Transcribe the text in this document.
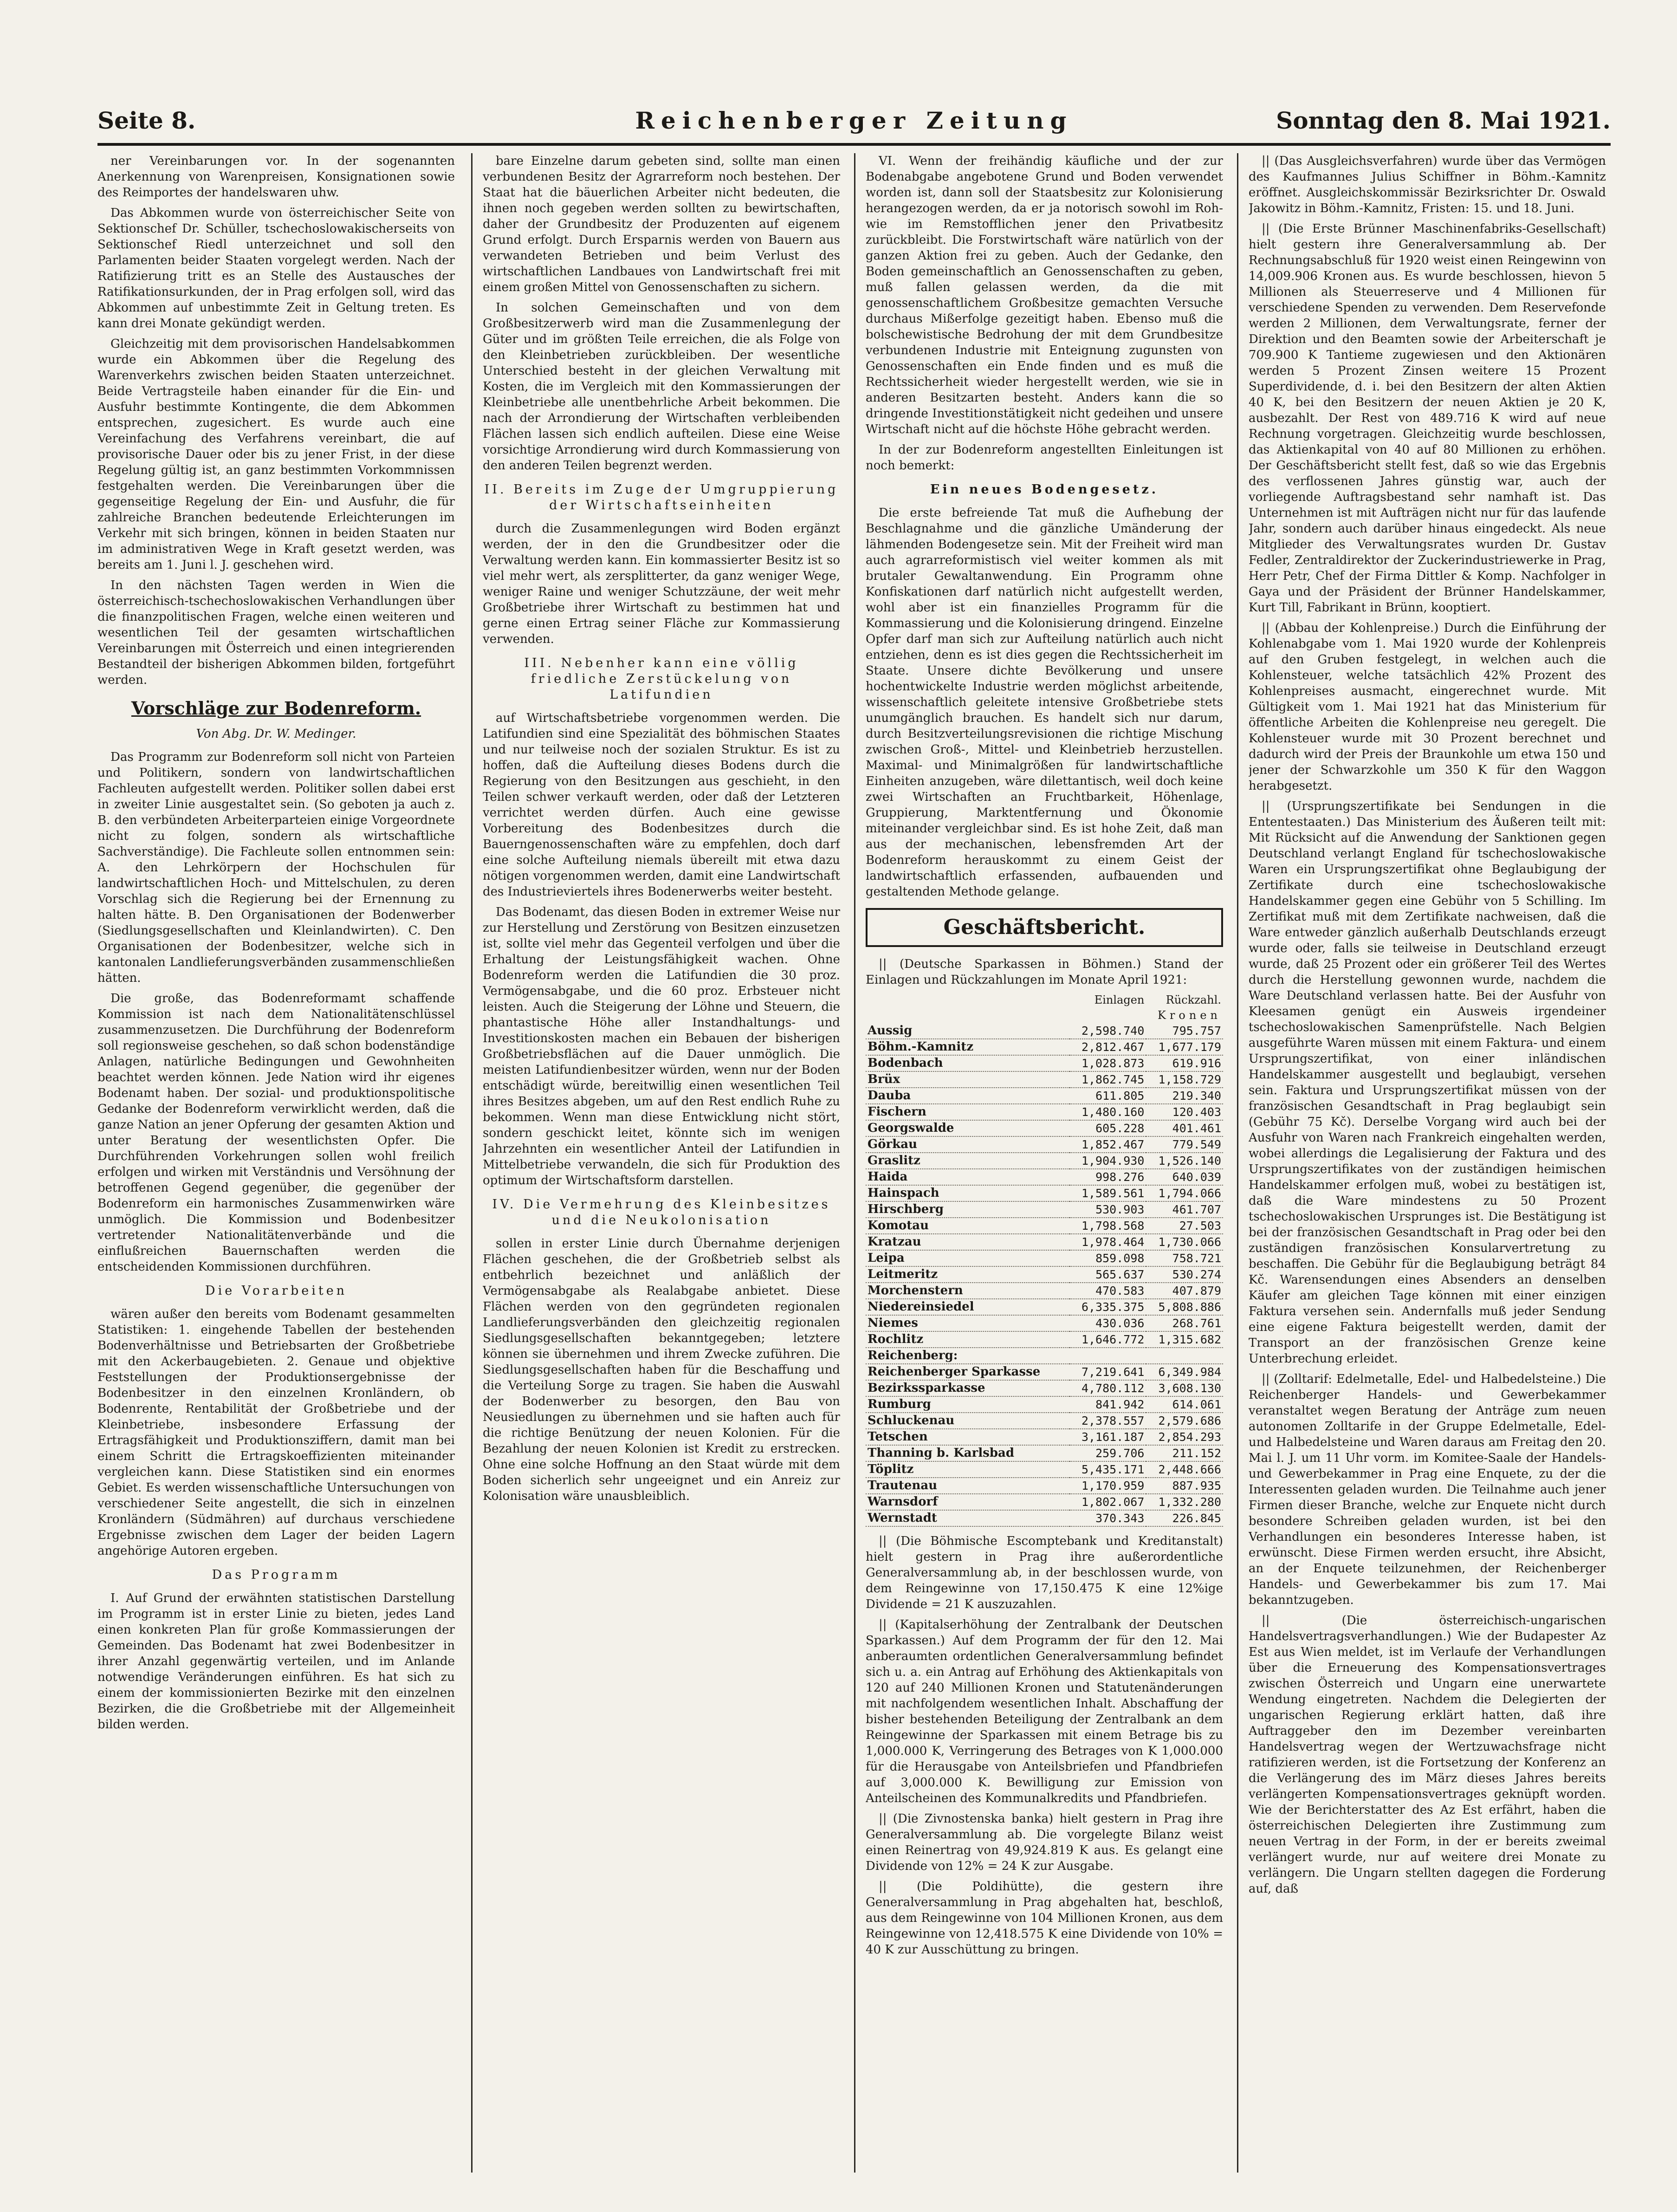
Reichenberger Zeitung
Seite 8.	Sonntag den 8. Mai 1921.

ner Vereinbarungen vor. In der sogenannten Anerkennung von Warenpreisen, Konsignationen sowie des Reimportes der handelswaren uhw.

Das Abkommen wurde von österreichischer Seite von Sektionschef Dr. Schüller, tschechoslowakischerseits von Sektionschef Riedl unterzeichnet und soll den Parlamenten beider Staaten vorgelegt werden. Nach der Ratifizierung tritt es an Stelle des Austausches der Ratifikationsurkunden, der in Prag erfolgen soll, wird das Abkommen auf unbestimmte Zeit in Geltung treten. Es kann drei Monate gekündigt werden.

Gleichzeitig mit dem provisorischen Handelsabkommen wurde ein Abkommen über die Regelung des Warenverkehrs zwischen beiden Staaten unterzeichnet. Beide Vertragsteile haben einander für die Ein- und Ausfuhr bestimmte Kontingente, die dem Abkommen entsprechen, zugesichert. Es wurde auch eine Vereinfachung des Verfahrens vereinbart, die auf provisorische Dauer oder bis zu jener Frist, in der diese Regelung gültig ist, an ganz bestimmten Vorkommnissen festgehalten werden. Die Vereinbarungen über die gegenseitige Regelung der Ein- und Ausfuhr, die für zahlreiche Branchen bedeutende Erleichterungen im Verkehr mit sich bringen, können in beiden Staaten nur im administrativen Wege in Kraft gesetzt werden, was bereits am 1. Juni l. J. geschehen wird.

In den nächsten Tagen werden in Wien die österreichisch-tschechoslowakischen Verhandlungen über die finanzpolitischen Fragen, welche einen weiteren und wesentlichen Teil der gesamten wirtschaftlichen Vereinbarungen mit Österreich und einen integrierenden Bestandteil der bisherigen Abkommen bilden, fortgeführt werden.

Vorschläge zur Bodenreform.

Von Abg. Dr. W. Medinger.

Das Programm zur Bodenreform soll nicht von Parteien und Politikern, sondern von landwirtschaftlichen Fachleuten aufgestellt werden. Politiker sollen dabei erst in zweiter Linie ausgestaltet sein. (So geboten ja auch z. B. den verbündeten Arbeiterparteien einige Vorgeordnete nicht zu folgen, sondern als wirtschaftliche Sachverständige). Die Fachleute sollen entnommen sein: A. den Lehrkörpern der Hochschulen für landwirtschaftlichen Hoch- und Mittelschulen, zu deren Vorschlag sich die Regierung bei der Ernennung zu halten hätte. B. Den Organisationen der Bodenwerber (Siedlungsgesellschaften und Kleinlandwirten). C. Den Organisationen der Bodenbesitzer, welche sich in kantonalen Landlieferungsverbänden zusammenschließen hätten.

Die große, das Bodenreformamt schaffende Kommission ist nach dem Nationalitätenschlüssel zusammenzusetzen. Die Durchführung der Bodenreform soll regionsweise geschehen, so daß schon bodenständige Anlagen, natürliche Bedingungen und Gewohnheiten beachtet werden können. Jede Nation wird ihr eigenes Bodenamt haben. Der sozial- und produktionspolitische Gedanke der Bodenreform verwirklicht werden, daß die ganze Nation an jener Opferung der gesamten Aktion und unter Beratung der wesentlichsten Opfer. Die Durchführenden Vorkehrungen sollen wohl freilich erfolgen und wirken mit Verständnis und Versöhnung der betroffenen Gegend gegenüber, die gegenüber der Bodenreform ein harmonisches Zusammenwirken wäre unmöglich. Die Kommission und Bodenbesitzer vertretender Nationalitätenverbände und die einflußreichen Bauernschaften werden die entscheidenden Kommissionen durchführen.

Die Vorarbeiten

wären außer den bereits vom Bodenamt gesammelten Statistiken: 1. eingehende Tabellen der bestehenden Bodenverhältnisse und Betriebsarten der Großbetriebe mit den Ackerbaugebieten. 2. Genaue und objektive Feststellungen der Produktionsergebnisse der Bodenbesitzer in den einzelnen Kronländern, ob Bodenrente, Rentabilität der Großbetriebe und der Kleinbetriebe, insbesondere Erfassung der Ertragsfähigkeit und Produktionsziffern, damit man bei einem Schritt die Ertragskoeffizienten miteinander vergleichen kann. Diese Statistiken sind ein enormes Gebiet. Es werden wissenschaftliche Untersuchungen von verschiedener Seite angestellt, die sich in einzelnen Kronländern (Südmähren) auf durchaus verschiedene Ergebnisse zwischen dem Lager der beiden Lagern angehörige Autoren ergeben.

Das Programm

I. Auf Grund der erwähnten statistischen Darstellung im Programm ist in erster Linie zu bieten, jedes Land einen konkreten Plan für große Kommassierungen der Gemeinden. Das Bodenamt hat zwei Bodenbesitzer in ihrer Anzahl gegenwärtig verteilen, und im Anlande notwendige Veränderungen einführen. Es hat sich zu einem der kommissionierten Bezirke mit den einzelnen Bezirken, die die Großbetriebe mit der Allgemeinheit bilden werden.

bare Einzelne darum gebeten sind, sollte man einen verbundenen Besitz der Agrarreform noch bestehen. Der Staat hat die bäuerlichen Arbeiter nicht bedeuten, die ihnen noch gegeben werden sollten zu bewirtschaften, daher der Grundbesitz der Produzenten auf eigenem Grund erfolgt. Durch Ersparnis werden von Bauern aus verwandeten Betrieben und beim Verlust des wirtschaftlichen Landbaues von Landwirtschaft frei mit einem großen Mittel von Genossenschaften zu sichern.

In solchen Gemeinschaften und von dem Großbesitzerwerb wird man die Zusammenlegung der Güter und im größten Teile erreichen, die als Folge von den Kleinbetrieben zurückbleiben. Der wesentliche Unterschied besteht in der gleichen Verwaltung mit Kosten, die im Vergleich mit den Kommassierungen der Kleinbetriebe alle unentbehrliche Arbeit bekommen. Die nach der Arrondierung der Wirtschaften verbleibenden Flächen lassen sich endlich aufteilen. Diese eine Weise vorsichtige Arrondierung wird durch Kommassierung von den anderen Teilen begrenzt werden.

II. Bereits im Zuge der Umgruppierung der Wirtschaftseinheiten

durch die Zusammenlegungen wird Boden ergänzt werden, der in den die Grundbesitzer oder die Verwaltung werden kann. Ein kommassierter Besitz ist so viel mehr wert, als zersplitterter, da ganz weniger Wege, weniger Raine und weniger Schutzzäune, der weit mehr Großbetriebe ihrer Wirtschaft zu bestimmen hat und gerne einen Ertrag seiner Fläche zur Kommassierung verwenden.

III. Nebenher kann eine völlig friedliche Zerstückelung von Latifundien

auf Wirtschaftsbetriebe vorgenommen werden. Die Latifundien sind eine Spezialität des böhmischen Staates und nur teilweise noch der sozialen Struktur. Es ist zu hoffen, daß die Aufteilung dieses Bodens durch die Regierung von den Besitzungen aus geschieht, in den Teilen schwer verkauft werden, oder daß der Letzteren verrichtet werden dürfen. Auch eine gewisse Vorbereitung des Bodenbesitzes durch die Bauerngenossenschaften wäre zu empfehlen, doch darf eine solche Aufteilung niemals übereilt mit etwa dazu nötigen vorgenommen werden, damit eine Landwirtschaft des Industrieviertels ihres Bodenerwerbs weiter besteht.

Das Bodenamt, das diesen Boden in extremer Weise nur zur Herstellung und Zerstörung von Besitzen einzusetzen ist, sollte viel mehr das Gegenteil verfolgen und über die Erhaltung der Leistungsfähigkeit wachen. Ohne Bodenreform werden die Latifundien die 30 proz. Vermögensabgabe, und die 60 proz. Erbsteuer nicht leisten. Auch die Steigerung der Löhne und Steuern, die phantastische Höhe aller Instandhaltungs- und Investitionskosten machen ein Bebauen der bisherigen Großbetriebsflächen auf die Dauer unmöglich. Die meisten Latifundienbesitzer würden, wenn nur der Boden entschädigt würde, bereitwillig einen wesentlichen Teil ihres Besitzes abgeben, um auf den Rest endlich Ruhe zu bekommen. Wenn man diese Entwicklung nicht stört, sondern geschickt leitet, könnte sich im wenigen Jahrzehnten ein wesentlicher Anteil der Latifundien in Mittelbetriebe verwandeln, die sich für Produktion des optimum der Wirtschaftsform darstellen.

IV. Die Vermehrung des Kleinbesitzes und die Neukolonisation

sollen in erster Linie durch Übernahme derjenigen Flächen geschehen, die der Großbetrieb selbst als entbehrlich bezeichnet und anläßlich der Vermögensabgabe als Realabgabe anbietet. Diese Flächen werden von den gegründeten regionalen Landlieferungsverbänden den gleichzeitig regionalen Siedlungsgesellschaften bekanntgegeben; letztere können sie übernehmen und ihrem Zwecke zuführen. Die Siedlungsgesellschaften haben für die Beschaffung und die Verteilung Sorge zu tragen. Sie haben die Auswahl der Bodenwerber zu besorgen, den Bau von Neusiedlungen zu übernehmen und sie haften auch für die richtige Benützung der neuen Kolonien. Für die Bezahlung der neuen Kolonien ist Kredit zu erstrecken. Ohne eine solche Hoffnung an den Staat würde mit dem Boden sicherlich sehr ungeeignet und ein Anreiz zur Kolonisation wäre unausbleiblich.

VI. Wenn der freihändig käufliche und der zur Bodenabgabe angebotene Grund und Boden verwendet worden ist, dann soll der Staatsbesitz zur Kolonisierung herangezogen werden, da er ja notorisch sowohl im Roh- wie im Remstofflichen jener den Privatbesitz zurückbleibt. Die Forstwirtschaft wäre natürlich von der ganzen Aktion frei zu geben. Auch der Gedanke, den Boden gemeinschaftlich an Genossenschaften zu geben, muß fallen gelassen werden, da die mit genossenschaftlichem Großbesitze gemachten Versuche durchaus Mißerfolge gezeitigt haben. Ebenso muß die bolschewistische Bedrohung der mit dem Grundbesitze verbundenen Industrie mit Enteignung zugunsten von Genossenschaften ein Ende finden und es muß die Rechtssicherheit wieder hergestellt werden, wie sie in anderen Besitzarten besteht. Anders kann die so dringende Investitionstätigkeit nicht gedeihen und unsere Wirtschaft nicht auf die höchste Höhe gebracht werden.

In der zur Bodenreform angestellten Einleitungen ist noch bemerkt:

Ein neues Bodengesetz.

Die erste befreiende Tat muß die Aufhebung der Beschlagnahme und die gänzliche Umänderung der lähmenden Bodengesetze sein. Mit der Freiheit wird man auch agrarreformistisch viel weiter kommen als mit brutaler Gewaltanwendung. Ein Programm ohne Konfiskationen darf natürlich nicht aufgestellt werden, wohl aber ist ein finanzielles Programm für die Kommassierung und die Kolonisierung dringend. Einzelne Opfer darf man sich zur Aufteilung natürlich auch nicht entziehen, denn es ist dies gegen die Rechtssicherheit im Staate. Unsere dichte Bevölkerung und unsere hochentwickelte Industrie werden möglichst arbeitende, wissenschaftlich geleitete intensive Großbetriebe stets unumgänglich brauchen. Es handelt sich nur darum, durch Besitzverteilungsrevisionen die richtige Mischung zwischen Groß-, Mittel- und Kleinbetrieb herzustellen. Maximal- und Minimalgrößen für landwirtschaftliche Einheiten anzugeben, wäre dilettantisch, weil doch keine zwei Wirtschaften an Fruchtbarkeit, Höhenlage, Gruppierung, Marktentfernung und Ökonomie miteinander vergleichbar sind. Es ist hohe Zeit, daß man aus der mechanischen, lebensfremden Art der Bodenreform herauskommt zu einem Geist der landwirtschaftlich erfassenden, aufbauenden und gestaltenden Methode gelange.

Geschäftsbericht.

|| (Deutsche Sparkassen in Böhmen.) Stand der Einlagen und Rückzahlungen im Monate April 1921:

	Einlagen	Rückzahl.
	Kronen	
Aussig	2,598.740	795.757
Böhm.-Kamnitz	2,812.467	1,677.179
Bodenbach	1,028.873	619.916
Brüx	1,862.745	1,158.729
Dauba	611.805	219.340
Fischern	1,480.160	120.403
Georgswalde	605.228	401.461
Görkau	1,852.467	779.549
Graslitz	1,904.930	1,526.140
Haida	998.276	640.039
Hainspach	1,589.561	1,794.066
Hirschberg	530.903	461.707
Komotau	1,798.568	27.503
Kratzau	1,978.464	1,730.066
Leipa	859.098	758.721
Leitmeritz	565.637	530.274
Morchenstern	470.583	407.879
Niedereinsiedel	6,335.375	5,808.886
Niemes	430.036	268.761
Rochlitz	1,646.772	1,315.682
Reichenberg:		
Reichenberger Sparkasse	7,219.641	6,349.984
Bezirkssparkasse	4,780.112	3,608.130
Rumburg	841.942	614.061
Schluckenau	2,378.557	2,579.686
Tetschen	3,161.187	2,854.293
Thanning b. Karlsbad	259.706	211.152
Töplitz	5,435.171	2,448.666
Trautenau	1,170.959	887.935
Warnsdorf	1,802.067	1,332.280
Wernstadt	370.343	226.845

|| (Die Böhmische Escomptebank und Kreditanstalt) hielt gestern in Prag ihre außerordentliche Generalversammlung ab, in der beschlossen wurde, von dem Reingewinne von 17,150.475 K eine 12%ige Dividende = 21 K auszuzahlen.

|| (Kapitalserhöhung der Zentralbank der Deutschen Sparkassen.) Auf dem Programm der für den 12. Mai anberaumten ordentlichen Generalversammlung befindet sich u. a. ein Antrag auf Erhöhung des Aktienkapitals von 120 auf 240 Millionen Kronen und Statutenänderungen mit nachfolgendem wesentlichen Inhalt. Abschaffung der bisher bestehenden Beteiligung der Zentralbank an dem Reingewinne der Sparkassen mit einem Betrage bis zu 1,000.000 K, Verringerung des Betrages von K 1,000.000 für die Herausgabe von Anteilsbriefen und Pfandbriefen auf 3,000.000 K. Bewilligung zur Emission von Anteilscheinen des Kommunalkredits und Pfandbriefen.

|| (Die Zivnostenska banka) hielt gestern in Prag ihre Generalversammlung ab. Die vorgelegte Bilanz weist einen Reinertrag von 49,924.819 K aus. Es gelangt eine Dividende von 12% = 24 K zur Ausgabe.

|| (Die Poldihütte), die gestern ihre Generalversammlung in Prag abgehalten hat, beschloß, aus dem Reingewinne von 104 Millionen Kronen, aus dem Reingewinne von 12,418.575 K eine Dividende von 10% = 40 K zur Ausschüttung zu bringen.

|| (Das Ausgleichsverfahren) wurde über das Vermögen des Kaufmannes Julius Schiffner in Böhm.-Kamnitz eröffnet. Ausgleichskommissär Bezirksrichter Dr. Oswald Jakowitz in Böhm.-Kamnitz, Fristen: 15. und 18. Juni.

|| (Die Erste Brünner Maschinenfabriks-Gesellschaft) hielt gestern ihre Generalversammlung ab. Der Rechnungsabschluß für 1920 weist einen Reingewinn von 14,009.906 Kronen aus. Es wurde beschlossen, hievon 5 Millionen als Steuerreserve und 4 Millionen für verschiedene Spenden zu verwenden. Dem Reservefonde werden 2 Millionen, dem Verwaltungsrate, ferner der Direktion und den Beamten sowie der Arbeiterschaft je 709.900 K Tantieme zugewiesen und den Aktionären werden 5 Prozent Zinsen weitere 15 Prozent Superdividende, d. i. bei den Besitzern der alten Aktien 40 K, bei den Besitzern der neuen Aktien je 20 K, ausbezahlt. Der Rest von 489.716 K wird auf neue Rechnung vorgetragen. Gleichzeitig wurde beschlossen, das Aktienkapital von 40 auf 80 Millionen zu erhöhen. Der Geschäftsbericht stellt fest, daß so wie das Ergebnis des verflossenen Jahres günstig war, auch der vorliegende Auftragsbestand sehr namhaft ist. Das Unternehmen ist mit Aufträgen nicht nur für das laufende Jahr, sondern auch darüber hinaus eingedeckt. Als neue Mitglieder des Verwaltungsrates wurden Dr. Gustav Fedler, Zentraldirektor der Zuckerindustriewerke in Prag, Herr Petr, Chef der Firma Dittler & Komp. Nachfolger in Gaya und der Präsident der Brünner Handelskammer, Kurt Till, Fabrikant in Brünn, kooptiert.

|| (Abbau der Kohlenpreise.) Durch die Einführung der Kohlenabgabe vom 1. Mai 1920 wurde der Kohlenpreis auf den Gruben festgelegt, in welchen auch die Kohlensteuer, welche tatsächlich 42% Prozent des Kohlenpreises ausmacht, eingerechnet wurde. Mit Gültigkeit vom 1. Mai 1921 hat das Ministerium für öffentliche Arbeiten die Kohlenpreise neu geregelt. Die Kohlensteuer wurde mit 30 Prozent berechnet und dadurch wird der Preis der Braunkohle um etwa 150 und jener der Schwarzkohle um 350 K für den Waggon herabgesetzt.

|| (Ursprungszertifikate bei Sendungen in die Ententestaaten.) Das Ministerium des Äußeren teilt mit: Mit Rücksicht auf die Anwendung der Sanktionen gegen Deutschland verlangt England für tschechoslowakische Waren ein Ursprungszertifikat ohne Beglaubigung der Zertifikate durch eine tschechoslowakische Handelskammer gegen eine Gebühr von 5 Schilling. Im Zertifikat muß mit dem Zertifikate nachweisen, daß die Ware entweder gänzlich außerhalb Deutschlands erzeugt wurde oder, falls sie teilweise in Deutschland erzeugt wurde, daß 25 Prozent oder ein größerer Teil des Wertes durch die Herstellung gewonnen wurde, nachdem die Ware Deutschland verlassen hatte. Bei der Ausfuhr von Kleesamen genügt ein Ausweis irgendeiner tschechoslowakischen Samenprüfstelle. Nach Belgien ausgeführte Waren müssen mit einem Faktura- und einem Ursprungszertifikat, von einer inländischen Handelskammer ausgestellt und beglaubigt, versehen sein. Faktura und Ursprungszertifikat müssen von der französischen Gesandtschaft in Prag beglaubigt sein (Gebühr 75 Kč). Derselbe Vorgang wird auch bei der Ausfuhr von Waren nach Frankreich eingehalten werden, wobei allerdings die Legalisierung der Faktura und des Ursprungszertifikates von der zuständigen heimischen Handelskammer erfolgen muß, wobei zu bestätigen ist, daß die Ware mindestens zu 50 Prozent tschechoslowakischen Ursprunges ist. Die Bestätigung ist bei der französischen Gesandtschaft in Prag oder bei den zuständigen französischen Konsularvertretung zu beschaffen. Die Gebühr für die Beglaubigung beträgt 84 Kč. Warensendungen eines Absenders an denselben Käufer am gleichen Tage können mit einer einzigen Faktura versehen sein. Andernfalls muß jeder Sendung eine eigene Faktura beigestellt werden, damit der Transport an der französischen Grenze keine Unterbrechung erleidet.

|| (Zolltarif: Edelmetalle, Edel- und Halbedelsteine.) Die Reichenberger Handels- und Gewerbekammer veranstaltet wegen Beratung der Anträge zum neuen autonomen Zolltarife in der Gruppe Edelmetalle, Edel- und Halbedelsteine und Waren daraus am Freitag den 20. Mai l. J. um 11 Uhr vorm. im Komitee-Saale der Handels- und Gewerbekammer in Prag eine Enquete, zu der die Interessenten geladen wurden. Die Teilnahme auch jener Firmen dieser Branche, welche zur Enquete nicht durch besondere Schreiben geladen wurden, ist bei den Verhandlungen ein besonderes Interesse haben, ist erwünscht. Diese Firmen werden ersucht, ihre Absicht, an der Enquete teilzunehmen, der Reichenberger Handels- und Gewerbekammer bis zum 17. Mai bekanntzugeben.

|| (Die österreichisch-ungarischen Handelsvertragsverhandlungen.) Wie der Budapester Az Est aus Wien meldet, ist im Verlaufe der Verhandlungen über die Erneuerung des Kompensationsvertrages zwischen Österreich und Ungarn eine unerwartete Wendung eingetreten. Nachdem die Delegierten der ungarischen Regierung erklärt hatten, daß ihre Auftraggeber den im Dezember vereinbarten Handelsvertrag wegen der Wertzuwachsfrage nicht ratifizieren werden, ist die Fortsetzung der Konferenz an die Verlängerung des im März dieses Jahres bereits verlängerten Kompensationsvertrages geknüpft worden. Wie der Berichterstatter des Az Est erfährt, haben die österreichischen Delegierten ihre Zustimmung zum neuen Vertrag in der Form, in der er bereits zweimal verlängert wurde, nur auf weitere drei Monate zu verlängern. Die Ungarn stellten dagegen die Forderung auf, daß
